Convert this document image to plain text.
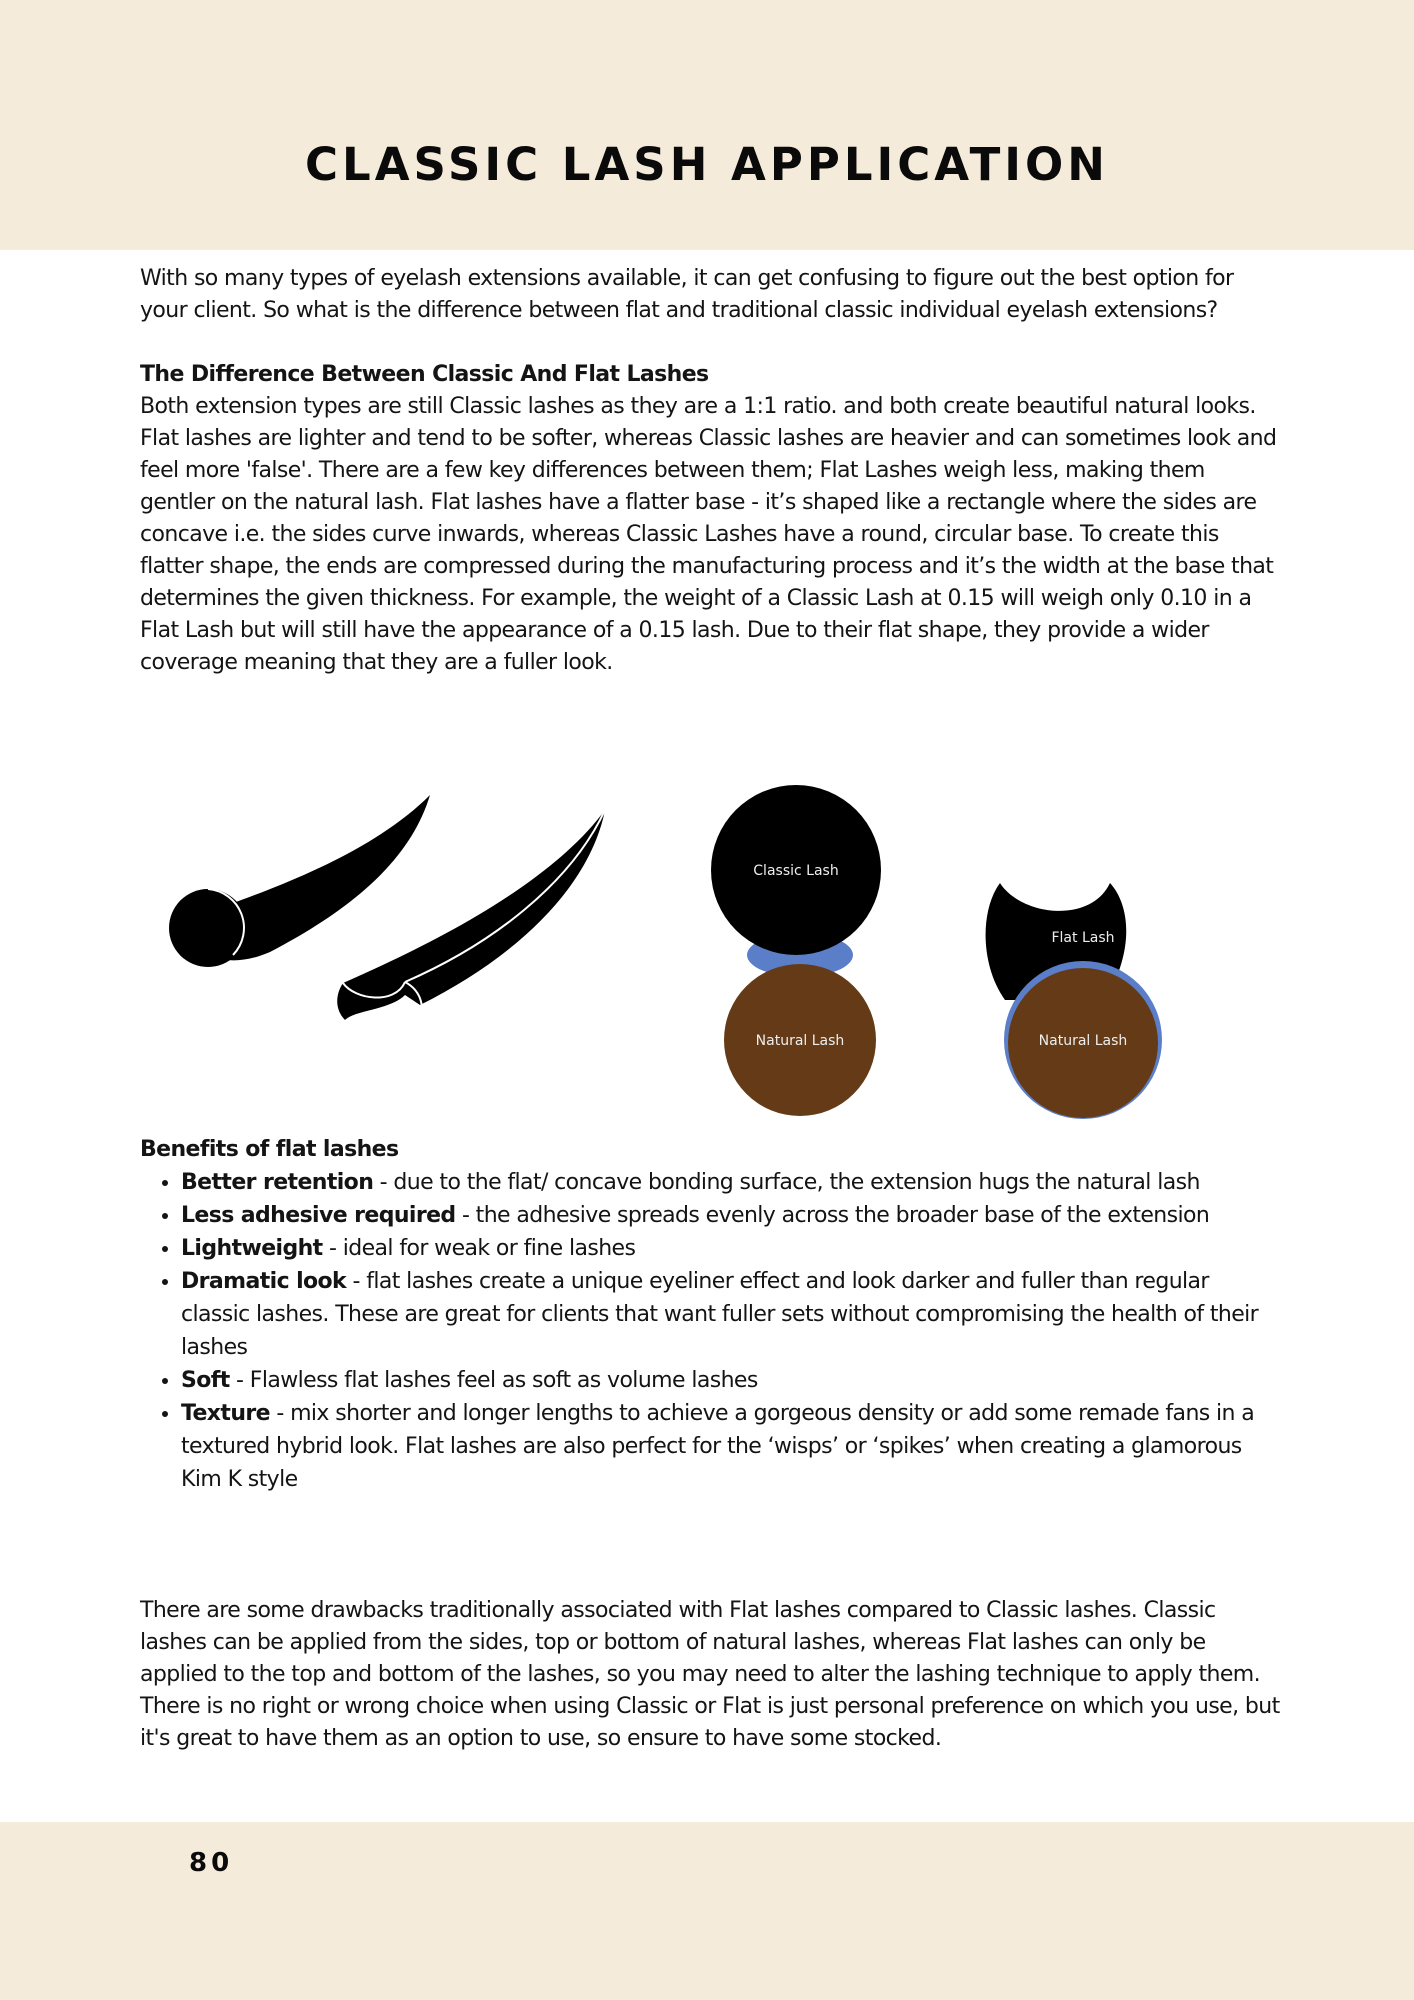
CLASSIC LASH APPLICATION

With so many types of eyelash extensions available, it can get confusing to figure out the best option for your client. So what is the difference between flat and traditional classic individual eyelash extensions?

The Difference Between Classic And Flat Lashes

Both extension types are still Classic lashes as they are a 1:1 ratio. and both create beautiful natural looks. Flat lashes are lighter and tend to be softer, whereas Classic lashes are heavier and can sometimes look and feel more 'false'. There are a few key differences between them; Flat Lashes weigh less, making them gentler on the natural lash. Flat lashes have a flatter base - it’s shaped like a rectangle where the sides are concave i.e. the sides curve inwards, whereas Classic Lashes have a round, circular base. To create this flatter shape, the ends are compressed during the manufacturing process and it’s the width at the base that determines the given thickness. For example, the weight of a Classic Lash at 0.15 will weigh only 0.10 in a Flat Lash but will still have the appearance of a 0.15 lash. Due to their flat shape, they provide a wider coverage meaning that they are a fuller look.

Classic Lash
Natural Lash
Flat Lash
Natural Lash

Benefits of flat lashes

• Better retention - due to the flat/ concave bonding surface, the extension hugs the natural lash
• Less adhesive required - the adhesive spreads evenly across the broader base of the extension
• Lightweight - ideal for weak or fine lashes
• Dramatic look - flat lashes create a unique eyeliner effect and look darker and fuller than regular classic lashes. These are great for clients that want fuller sets without compromising the health of their lashes
• Soft - Flawless flat lashes feel as soft as volume lashes
• Texture - mix shorter and longer lengths to achieve a gorgeous density or add some remade fans in a textured hybrid look. Flat lashes are also perfect for the ‘wisps’ or ‘spikes’ when creating a glamorous Kim K style

There are some drawbacks traditionally associated with Flat lashes compared to Classic lashes. Classic lashes can be applied from the sides, top or bottom of natural lashes, whereas Flat lashes can only be applied to the top and bottom of the lashes, so you may need to alter the lashing technique to apply them. There is no right or wrong choice when using Classic or Flat is just personal preference on which you use, but it's great to have them as an option to use, so ensure to have some stocked.

80
